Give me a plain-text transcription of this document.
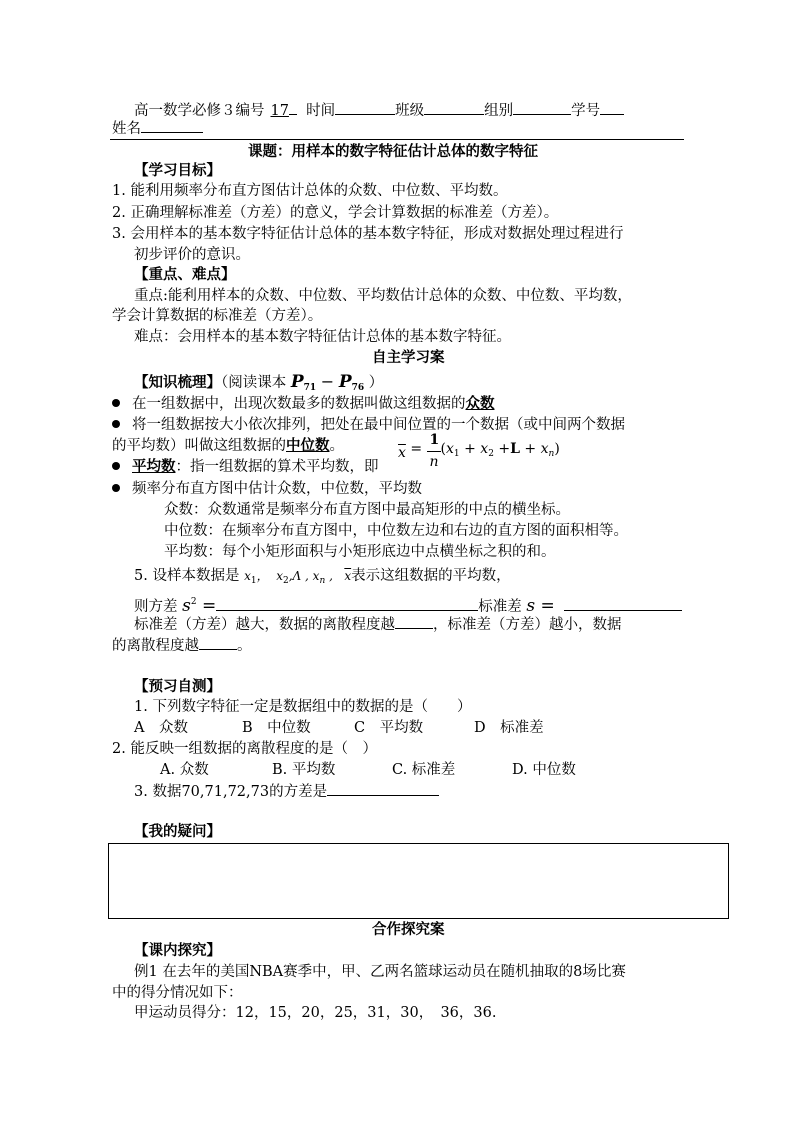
高一数学必修３编号 17 时间	班级	组别	学号
姓名
课题：用样本的数字特征估计总体的数字特征
【学习目标】
1. 能利用频率分布直方图估计总体的众数、中位数、平均数。
2. 正确理解标准差（方差）的意义，学会计算数据的标准差（方差）。
3. 会用样本的基本数字特征估计总体的基本数字特征，形成对数据处理过程进行
初步评价的意识。
【重点、难点】
重点:能利用样本的众数、中位数、平均数估计总体的众数、中位数、平均数，
学会计算数据的标准差（方差）。
难点：会用样本的基本数字特征估计总体的基本数字特征。
自主学习案
【知识梳理】（阅读课本 $P_{71} - P_{76}$ ）
在一组数据中，出现次数最多的数据叫做这组数据的众数
将一组数据按大小依次排列，把处在最中间位置的一个数据（或中间两个数据
的平均数）叫做这组数据的中位数。	$\overline{x} = \frac{1}{n} (x_1 + x_2 +L + x_n)$
平均数：指一组数据的算术平均数，即
频率分布直方图中估计众数，中位数，平均数
众数：众数通常是频率分布直方图中最高矩形的中点的横坐标。
中位数：在频率分布直方图中，中位数左边和右边的直方图的面积相等。
平均数：每个小矩形面积与小矩形底边中点横坐标之积的和。
5. 设样本数据是 $x_1$，  $x_2,\Lambda$ , $x_n$ ,   $\overline{x}$表示这组数据的平均数，
则方差 $s^2$ =	标准差 s =
标准差（方差）越大，数据的离散程度越	，标准差（方差）越小，数据
的离散程度越	。
【预习自测】
1. 下列数字特征一定是数据组中的数据的是（　　）
A　众数	B　中位数	C　平均数	D　标准差
2. 能反映一组数据的离散程度的是（　）
A. 众数	B. 平均数	C. 标准差	D. 中位数
3. 数据70,71,72,73的方差是
【我的疑问】
合作探究案
【课内探究】
例1 在去年的美国NBA赛季中，甲、乙两名篮球运动员在随机抽取的8场比赛
中的得分情况如下：
甲运动员得分：12，15，20，25，31，30，　36，36.
